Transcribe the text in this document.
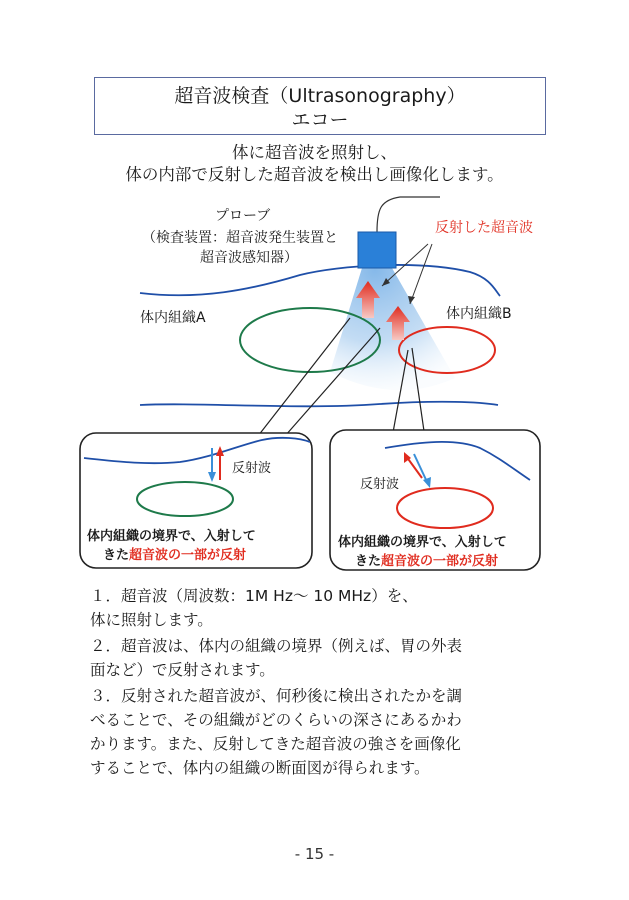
超音波検査（Ultrasonography）
エコー
体に超音波を照射し、
体の内部で反射した超音波を検出し画像化します。
プローブ
（検査装置：超音波発生装置と
超音波感知器）
反射した超音波
体内組織A	体内組織B
反射波
体内組織の境界で、入射して
きた超音波の一部が反射
反射波
体内組織の境界で、入射して
きた超音波の一部が反射
１．超音波（周波数：1M Hz～ 10 MHz）を、
体に照射します。
２．超音波は、体内の組織の境界（例えば、胃の外表
面など）で反射されます。
３．反射された超音波が、何秒後に検出されたかを調
べることで、その組織がどのくらいの深さにあるかわ
かります。また、反射してきた超音波の強さを画像化
することで、体内の組織の断面図が得られます。
- 15 -
